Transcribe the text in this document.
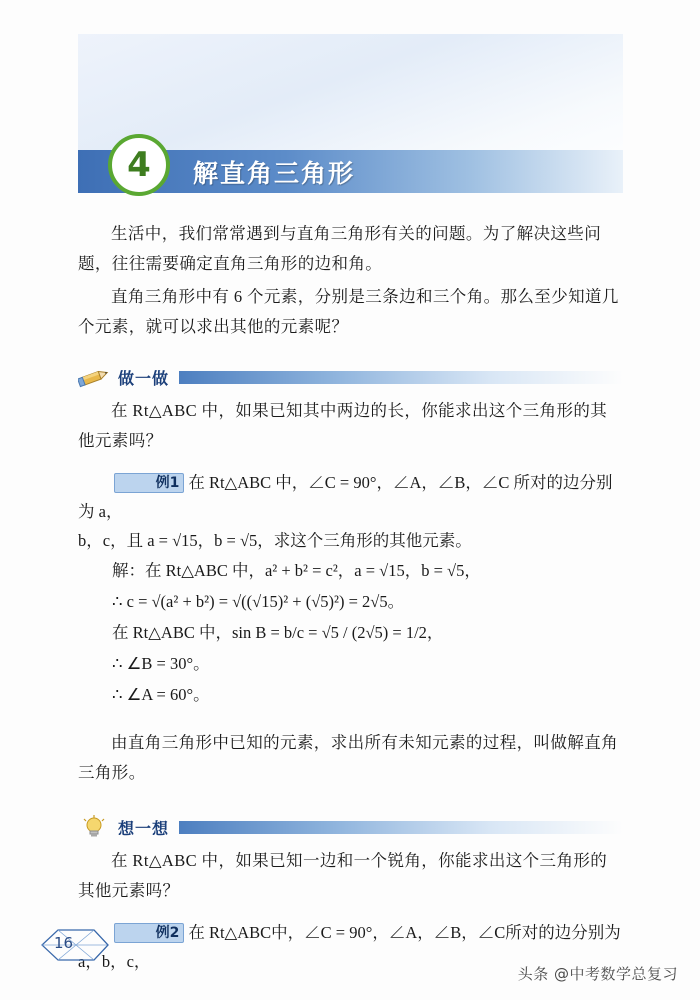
解直角三角形
4

生活中，我们常常遇到与直角三角形有关的问题。为了解决这些问题，往往需要确定直角三角形的边和角。

直角三角形中有 6 个元素，分别是三条边和三个角。那么至少知道几个元素，就可以求出其他的元素呢？

做一做

在 Rt△ABC 中，如果已知其中两边的长，你能求出这个三角形的其他元素吗？

例1 在 Rt△ABC 中，∠C = 90°，∠A，∠B，∠C 所对的边分别为 a，
b，c，且 a = √15，b = √5，求这个三角形的其他元素。
解：在 Rt△ABC 中，a² + b² = c²，a = √15，b = √5，
∴ c = √(a² + b²) = √((√15)² + (√5)²) = 2√5。
在 Rt△ABC 中，sin B = b/c = √5 / (2√5) = 1/2，
∴ ∠B = 30°。
∴ ∠A = 60°。

由直角三角形中已知的元素，求出所有未知元素的过程，叫做解直角三角形。

想一想

在 Rt△ABC 中，如果已知一边和一个锐角，你能求出这个三角形的其他元素吗？

例2 在 Rt△ABC中，∠C = 90°，∠A，∠B，∠C所对的边分别为 a，b，c，
16
头条 @中考数学总复习
